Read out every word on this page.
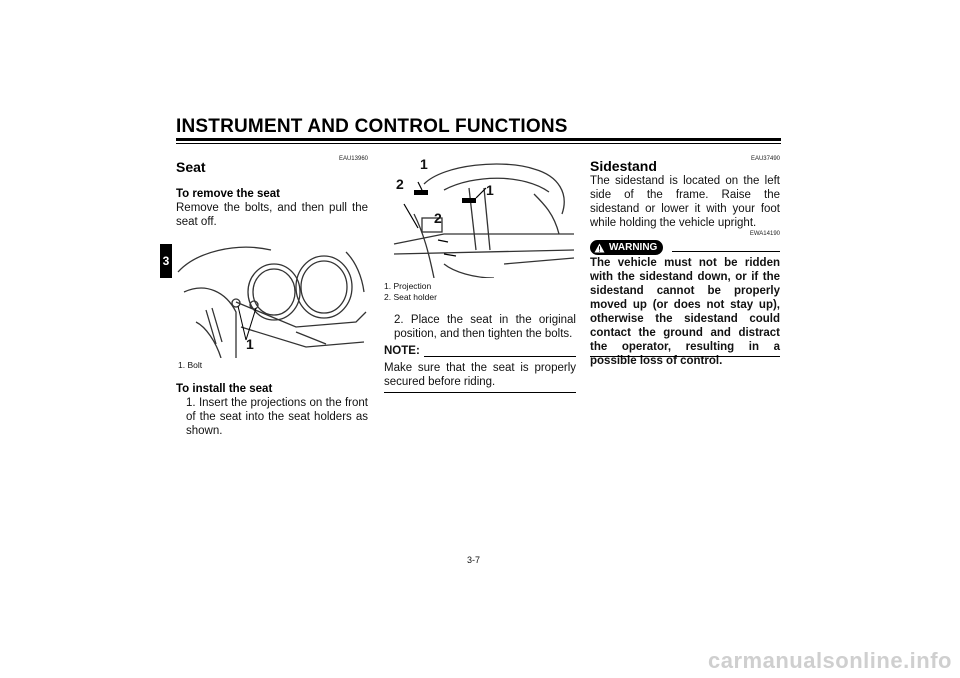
INSTRUMENT AND CONTROL FUNCTIONS
3
EAU13960
Seat
To remove the seat
Remove the bolts, and then pull the seat off.
1
1. Bolt
To install the seat
1. Insert the projections on the front of the seat into the seat holders as shown.
1
2	1
2
1. Projection
2. Seat holder
2. Place the seat in the original position, and then tighten the bolts.
NOTE:
Make sure that the seat is properly secured before riding.
EAU37490
Sidestand
The sidestand is located on the left side of the frame. Raise the sidestand or lower it with your foot while holding the vehicle upright.
EWA14190
WARNING
The vehicle must not be ridden with the sidestand down, or if the sidestand cannot be properly moved up (or does not stay up), otherwise the sidestand could contact the ground and distract the operator, resulting in a possible loss of control.
3-7
carmanualsonline.info
